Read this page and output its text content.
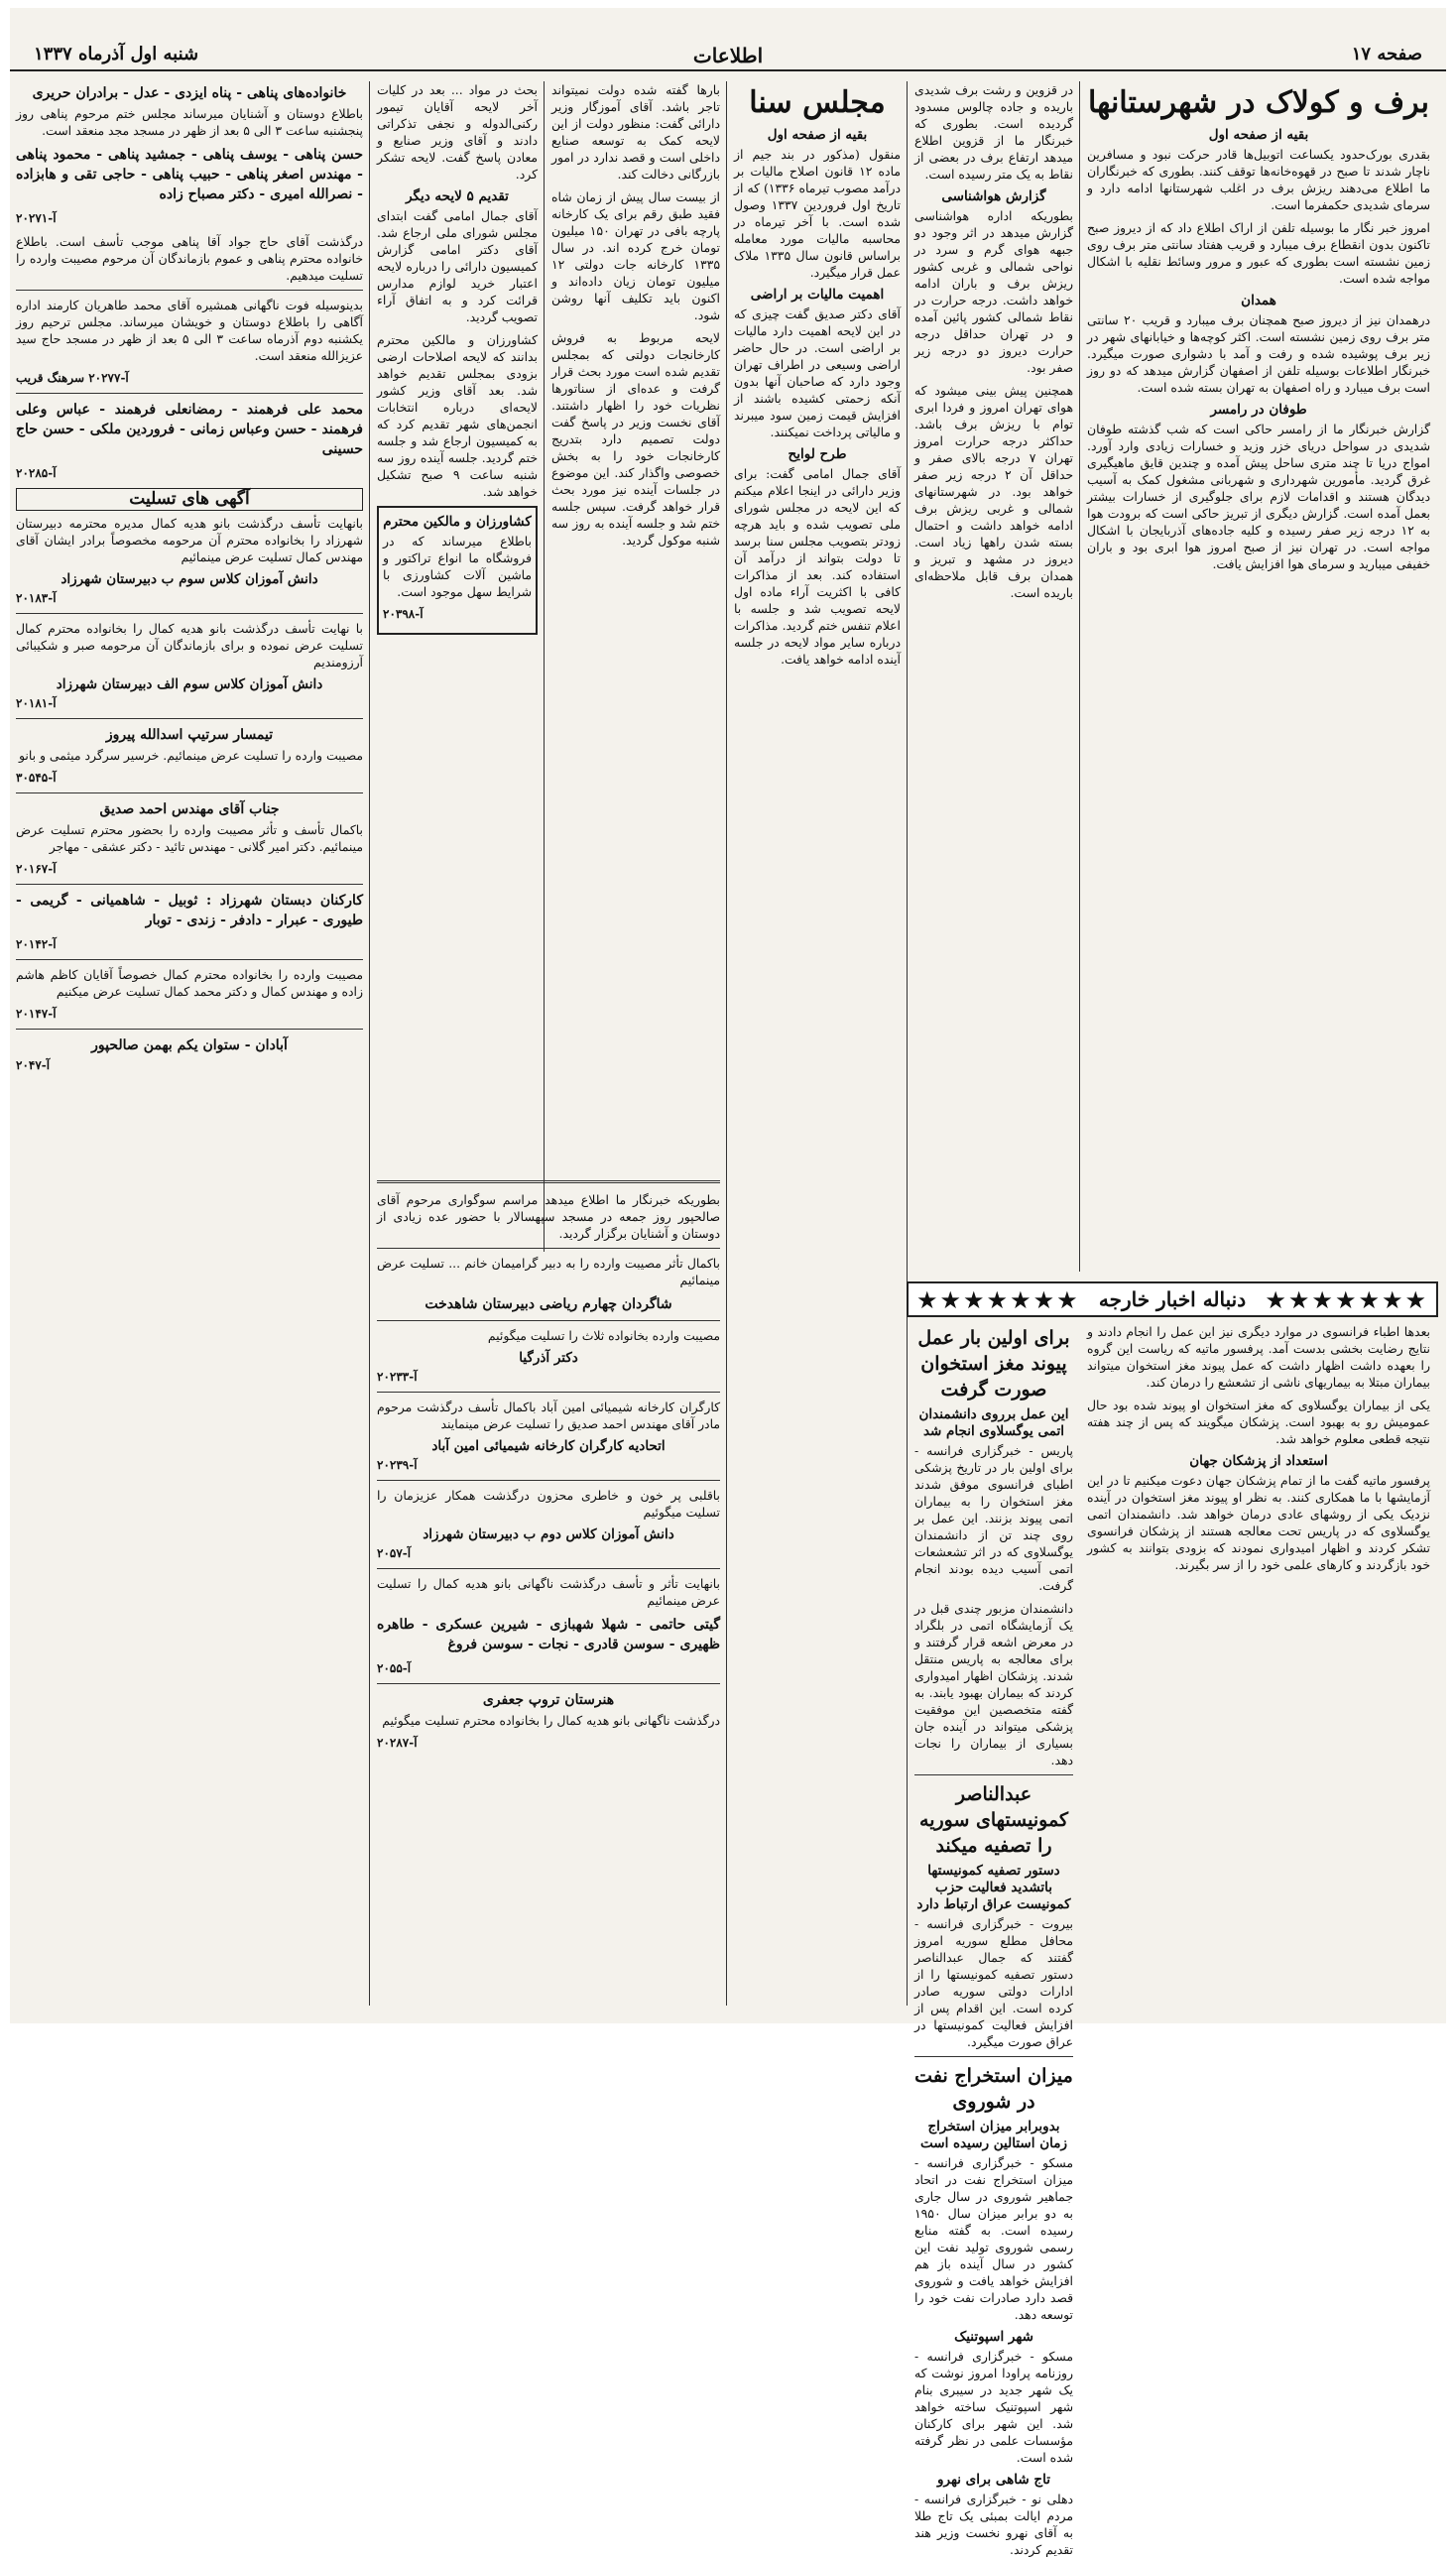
صفحه ۱۷
اطلاعات
شنبه اول آذرماه ۱۳۳۷
برف و کولاک در شهرستانها
بقیه از صفحه اول

بقدری بورک‌حدود یکساعت اتوبیل‌ها قادر حرکت نبود و مسافرین ناچار شدند تا صبح در قهوه‌خانه‌ها توقف کنند. بطوری که خبرنگاران ما اطلاع می‌دهند ریزش برف در اغلب شهرستانها ادامه دارد و سرمای شدیدی حکمفرما است.

امروز خبر نگار ما بوسیله تلفن از اراک اطلاع داد که از دیروز صبح تاکنون بدون انقطاع برف میبارد و قریب هفتاد سانتی متر برف روی زمین نشسته است بطوری که عبور و مرور وسائط نقلیه با اشکال مواجه شده است.

همدان

درهمدان نیز از دیروز صبح همچنان برف میبارد و قریب ۲۰ سانتی متر برف روی زمین نشسته است. اکثر کوچه‌ها و خیابانهای شهر در زیر برف پوشیده شده و رفت و آمد با دشواری صورت میگیرد. خبرنگار اطلاعات بوسیله تلفن از اصفهان گزارش میدهد که دو روز است برف میبارد و راه اصفهان به تهران بسته شده است.

طوفان در رامسر

گزارش خبرنگار ما از رامسر حاکی است که شب گذشته طوفان شدیدی در سواحل دریای خزر وزید و خسارات زیادی وارد آورد. امواج دریا تا چند متری ساحل پیش آمده و چندین قایق ماهیگیری غرق گردید. مأمورین شهرداری و شهربانی مشغول کمک به آسیب دیدگان هستند و اقدامات لازم برای جلوگیری از خسارات بیشتر بعمل آمده است. گزارش دیگری از تبریز حاکی است که برودت هوا به ۱۲ درجه زیر صفر رسیده و کلیه جاده‌های آذربایجان با اشکال مواجه است. در تهران نیز از صبح امروز هوا ابری بود و باران خفیفی میبارید و سرمای هوا افزایش یافت.

در قزوین و رشت برف شدیدی باریده و جاده چالوس مسدود گردیده است. بطوری که خبرنگار ما از قزوین اطلاع میدهد ارتفاع برف در بعضی از نقاط به یک متر رسیده است.

گزارش هواشناسی

بطوریکه اداره هواشناسی گزارش میدهد در اثر وجود دو جبهه هوای گرم و سرد در نواحی شمالی و غربی کشور ریزش برف و باران ادامه خواهد داشت. درجه حرارت در نقاط شمالی کشور پائین آمده و در تهران حداقل درجه حرارت دیروز دو درجه زیر صفر بود.

همچنین پیش بینی میشود که هوای تهران امروز و فردا ابری توام با ریزش برف باشد. حداکثر درجه حرارت امروز تهران ۷ درجه بالای صفر و حداقل آن ۲ درجه زیر صفر خواهد بود. در شهرستانهای شمالی و غربی ریزش برف ادامه خواهد داشت و احتمال بسته شدن راهها زیاد است. دیروز در مشهد و تبریز و همدان برف قابل ملاحظه‌ای باریده است.

مجلس سنا
بقیه از صفحه اول

منقول (مذکور در بند جیم از ماده ۱۲ قانون اصلاح مالیات بر درآمد مصوب تیرماه ۱۳۳۶) که از تاریخ اول فروردین ۱۳۳۷ وصول شده است. با آخر تیرماه در محاسبه مالیات مورد معامله براساس قانون سال ۱۳۳۵ ملاک عمل قرار میگیرد.

اهمیت مالیات بر اراضی

آقای دکتر صدیق گفت چیزی که در این لایحه اهمیت دارد مالیات بر اراضی است. در حال حاضر اراضی وسیعی در اطراف تهران وجود دارد که صاحبان آنها بدون آنکه زحمتی کشیده باشند از افزایش قیمت زمین سود میبرند و مالیاتی پرداخت نمیکنند.

طرح لوایح

آقای جمال امامی گفت: برای وزیر دارائی در اینجا اعلام میکنم که این لایحه در مجلس شورای ملی تصویب شده و باید هرچه زودتر بتصویب مجلس سنا برسد تا دولت بتواند از درآمد آن استفاده کند. بعد از مذاکرات کافی با اکثریت آراء ماده اول لایحه تصویب شد و جلسه با اعلام تنفس ختم گردید. مذاکرات درباره سایر مواد لایحه در جلسه آینده ادامه خواهد یافت.

بارها گفته شده دولت نمیتواند تاجر باشد. آقای آموزگار وزیر دارائی گفت: منظور دولت از این لایحه کمک به توسعه صنایع داخلی است و قصد ندارد در امور بازرگانی دخالت کند.

از بیست سال پیش از زمان شاه فقید طبق رقم برای یک کارخانه پارچه بافی در تهران ۱۵۰ میلیون تومان خرج کرده اند. در سال ۱۳۳۵ کارخانه جات دولتی ۱۲ میلیون تومان زیان داده‌اند و اکنون باید تکلیف آنها روشن شود.

لایحه مربوط به فروش کارخانجات دولتی که بمجلس تقدیم شده است مورد بحث قرار گرفت و عده‌ای از سناتورها نظریات خود را اظهار داشتند. آقای نخست وزیر در پاسخ گفت دولت تصمیم دارد بتدریج کارخانجات خود را به بخش خصوصی واگذار کند. این موضوع در جلسات آینده نیز مورد بحث قرار خواهد گرفت. سپس جلسه ختم شد و جلسه آینده به روز سه شنبه موکول گردید.

بحث در مواد ... بعد در کلیات آخر لایحه آقایان تیمور رکنی‌الدوله و نجفی تذکراتی دادند و آقای وزیر صنایع و معادن پاسخ گفت. لایحه تشکر کرد.

تقدیم ۵ لایحه دیگر

آقای جمال امامی گفت ابتدای مجلس شورای ملی ارجاع شد. آقای دکتر امامی گزارش کمیسیون دارائی را درباره لایحه اعتبار خرید لوازم مدارس قرائت کرد و به اتفاق آراء تصویب گردید.

کشاورزان و مالکین محترم بدانند که لایحه اصلاحات ارضی بزودی بمجلس تقدیم خواهد شد. بعد آقای وزیر کشور لایحه‌ای درباره انتخابات انجمن‌های شهر تقدیم کرد که به کمیسیون ارجاع شد و جلسه ختم گردید. جلسه آینده روز سه شنبه ساعت ۹ صبح تشکیل خواهد شد.

کشاورزان و مالکین محترم

باطلاع میرساند که در فروشگاه ما انواع تراکتور و ماشین آلات کشاورزی با شرایط سهل موجود است.

آ-۲۰۳۹۸

بطوریکه خبرنگار ما اطلاع میدهد مراسم سوگواری مرحوم آقای صالحپور روز جمعه در مسجد سپهسالار با حضور عده زیادی از دوستان و آشنایان برگزار گردید.

باکمال تأثر مصیبت وارده را به دبیر گرامیمان خانم ... تسلیت عرض مینمائیم

شاگردان چهارم ریاضی دبیرستان شاهدخت

مصیبت وارده بخانواده ثلاث را تسلیت میگوئیم

دکتر آذرگیا
آ-۲۰۲۳۳

کارگران کارخانه شیمیائی امین آباد باکمال تأسف درگذشت مرحوم مادر آقای مهندس احمد صدیق را تسلیت عرض مینمایند

اتحادیه کارگران کارخانه شیمیائی امین آباد
آ-۲۰۲۳۹

باقلبی پر خون و خاطری محزون درگذشت همکار عزیزمان را تسلیت میگوئیم

دانش آموزان کلاس دوم ب دبیرستان شهرزاد
آ-۲۰۵۷

بانهایت تأثر و تأسف درگذشت ناگهانی بانو هدیه کمال را تسلیت عرض مینمائیم

گیتی حاتمی - شهلا شهبازی - شیرین عسکری - طاهره ظهیری - سوسن قادری - نجات - سوسن فروغ

آ-۲۰۵۵
هنرستان تروپ جعفری

درگذشت ناگهانی بانو هدیه کمال را بخانواده محترم تسلیت میگوئیم

آ-۲۰۲۸۷
خانواده‌های پناهی - پناه ایزدی - عدل - برادران حریری

باطلاع دوستان و آشنایان میرساند مجلس ختم مرحوم پناهی روز پنجشنبه ساعت ۳ الی ۵ بعد از ظهر در مسجد مجد منعقد است.

حسن پناهی - یوسف پناهی - جمشید پناهی - محمود پناهی - مهندس اصغر پناهی - حبیب پناهی - حاجی تقی و هابزاده - نصرالله امیری - دکتر مصباح زاده

آ-۲۰۲۷۱

درگذشت آقای حاج جواد آقا پناهی موجب تأسف است. باطلاع خانواده محترم پناهی و عموم بازماندگان آن مرحوم مصیبت وارده را تسلیت میدهیم.

بدینوسیله فوت ناگهانی همشیره آقای محمد طاهریان کارمند اداره آگاهی را باطلاع دوستان و خویشان میرساند. مجلس ترحیم روز یکشنبه دوم آذرماه ساعت ۳ الی ۵ بعد از ظهر در مسجد حاج سید عزیزالله منعقد است.

آ-۲۰۲۷۷ سرهنگ قریب

محمد علی فرهمند - رمضانعلی فرهمند - عباس وعلی فرهمند - حسن وعباس زمانی - فروردین ملکی - حسن حاج حسینی

آ-۲۰۲۸۵
آگهی های تسلیت

بانهایت تأسف درگذشت بانو هدیه کمال مدیره محترمه دبیرستان شهرزاد را بخانواده محترم آن مرحومه مخصوصاً برادر ایشان آقای مهندس کمال تسلیت عرض مینمائیم

دانش آموزان کلاس سوم ب دبیرستان شهرزاد
آ-۲۰۱۸۳

با نهایت تأسف درگذشت بانو هدیه کمال را بخانواده محترم کمال تسلیت عرض نموده و برای بازماندگان آن مرحومه صبر و شکیبائی آرزومندیم

دانش آموزان کلاس سوم الف دبیرستان شهرزاد
آ-۲۰۱۸۱
تیمسار سرتیپ اسدالله پیروز

مصیبت وارده را تسلیت عرض مینمائیم. خرسیر سرگرد میثمی و بانو

آ-۳۰۵۴۵
جناب آقای مهندس احمد صدیق

باکمال تأسف و تأثر مصیبت وارده را بحضور محترم تسلیت عرض مینمائیم. دکتر امیر گلانی - مهندس تائید - دکتر عشقی - مهاجر

آ-۲۰۱۶۷

کارکنان دبستان شهرزاد : ثوبیل - شاهمیانی - گریمی - طیوری - عبرار - دادفر - زندی - توبار

آ-۲۰۱۴۲

مصیبت وارده را بخانواده محترم کمال خصوصاً آقایان کاظم هاشم زاده و مهندس کمال و دکتر محمد کمال تسلیت عرض میکنیم

آ-۲۰۱۴۷
آبادان - ستوان یکم بهمن صالحپور
آ-۲۰۴۷
★★★★★★★
دنباله اخبار خارجه
★★★★★★★

بعدها اطباء فرانسوی در موارد دیگری نیز این عمل را انجام دادند و نتایج رضایت بخشی بدست آمد. پرفسور ماتیه که ریاست این گروه را بعهده داشت اظهار داشت که عمل پیوند مغز استخوان میتواند بیماران مبتلا به بیماریهای ناشی از تشعشع را درمان کند.

یکی از بیماران یوگسلاوی که مغز استخوان او پیوند شده بود حال عمومیش رو به بهبود است. پزشکان میگویند که پس از چند هفته نتیجه قطعی معلوم خواهد شد.

استعداد از پزشکان جهان

پرفسور ماتیه گفت ما از تمام پزشکان جهان دعوت میکنیم تا در این آزمایشها با ما همکاری کنند. به نظر او پیوند مغز استخوان در آینده نزدیک یکی از روشهای عادی درمان خواهد شد. دانشمندان اتمی یوگسلاوی که در پاریس تحت معالجه هستند از پزشکان فرانسوی تشکر کردند و اظهار امیدواری نمودند که بزودی بتوانند به کشور خود بازگردند و کارهای علمی خود را از سر بگیرند.

برای اولین بار عمل پیوند مغز استخوان صورت گرفت
این عمل برروی دانشمندان اتمی یوگسلاوی انجام شد

پاریس - خبرگزاری فرانسه - برای اولین بار در تاریخ پزشکی اطبای فرانسوی موفق شدند مغز استخوان را به بیماران اتمی پیوند بزنند. این عمل بر روی چند تن از دانشمندان یوگسلاوی که در اثر تشعشعات اتمی آسیب دیده بودند انجام گرفت.

دانشمندان مزبور چندی قبل در یک آزمایشگاه اتمی در بلگراد در معرض اشعه قرار گرفتند و برای معالجه به پاریس منتقل شدند. پزشکان اظهار امیدواری کردند که بیماران بهبود یابند. به گفته متخصصین این موفقیت پزشکی میتواند در آینده جان بسیاری از بیماران را نجات دهد.

عبدالناصر کمونیستهای سوریه را تصفیه میکند
دستور تصفیه کمونیستها باتشدید فعالیت حزب کمونیست عراق ارتباط دارد

بیروت - خبرگزاری فرانسه - محافل مطلع سوریه امروز گفتند که جمال عبدالناصر دستور تصفیه کمونیستها را از ادارات دولتی سوریه صادر کرده است. این اقدام پس از افزایش فعالیت کمونیستها در عراق صورت میگیرد.

میزان استخراج نفت در شوروی
بدوبرابر میزان استخراج زمان استالین رسیده است

مسکو - خبرگزاری فرانسه - میزان استخراج نفت در اتحاد جماهیر شوروی در سال جاری به دو برابر میزان سال ۱۹۵۰ رسیده است. به گفته منابع رسمی شوروی تولید نفت این کشور در سال آینده باز هم افزایش خواهد یافت و شوروی قصد دارد صادرات نفت خود را توسعه دهد.

شهر اسپوتنیک

مسکو - خبرگزاری فرانسه - روزنامه پراودا امروز نوشت که یک شهر جدید در سیبری بنام شهر اسپوتنیک ساخته خواهد شد. این شهر برای کارکنان مؤسسات علمی در نظر گرفته شده است.

تاج شاهی برای نهرو

دهلی نو - خبرگزاری فرانسه - مردم ایالت بمبئی یک تاج طلا به آقای نهرو نخست وزیر هند تقدیم کردند.
